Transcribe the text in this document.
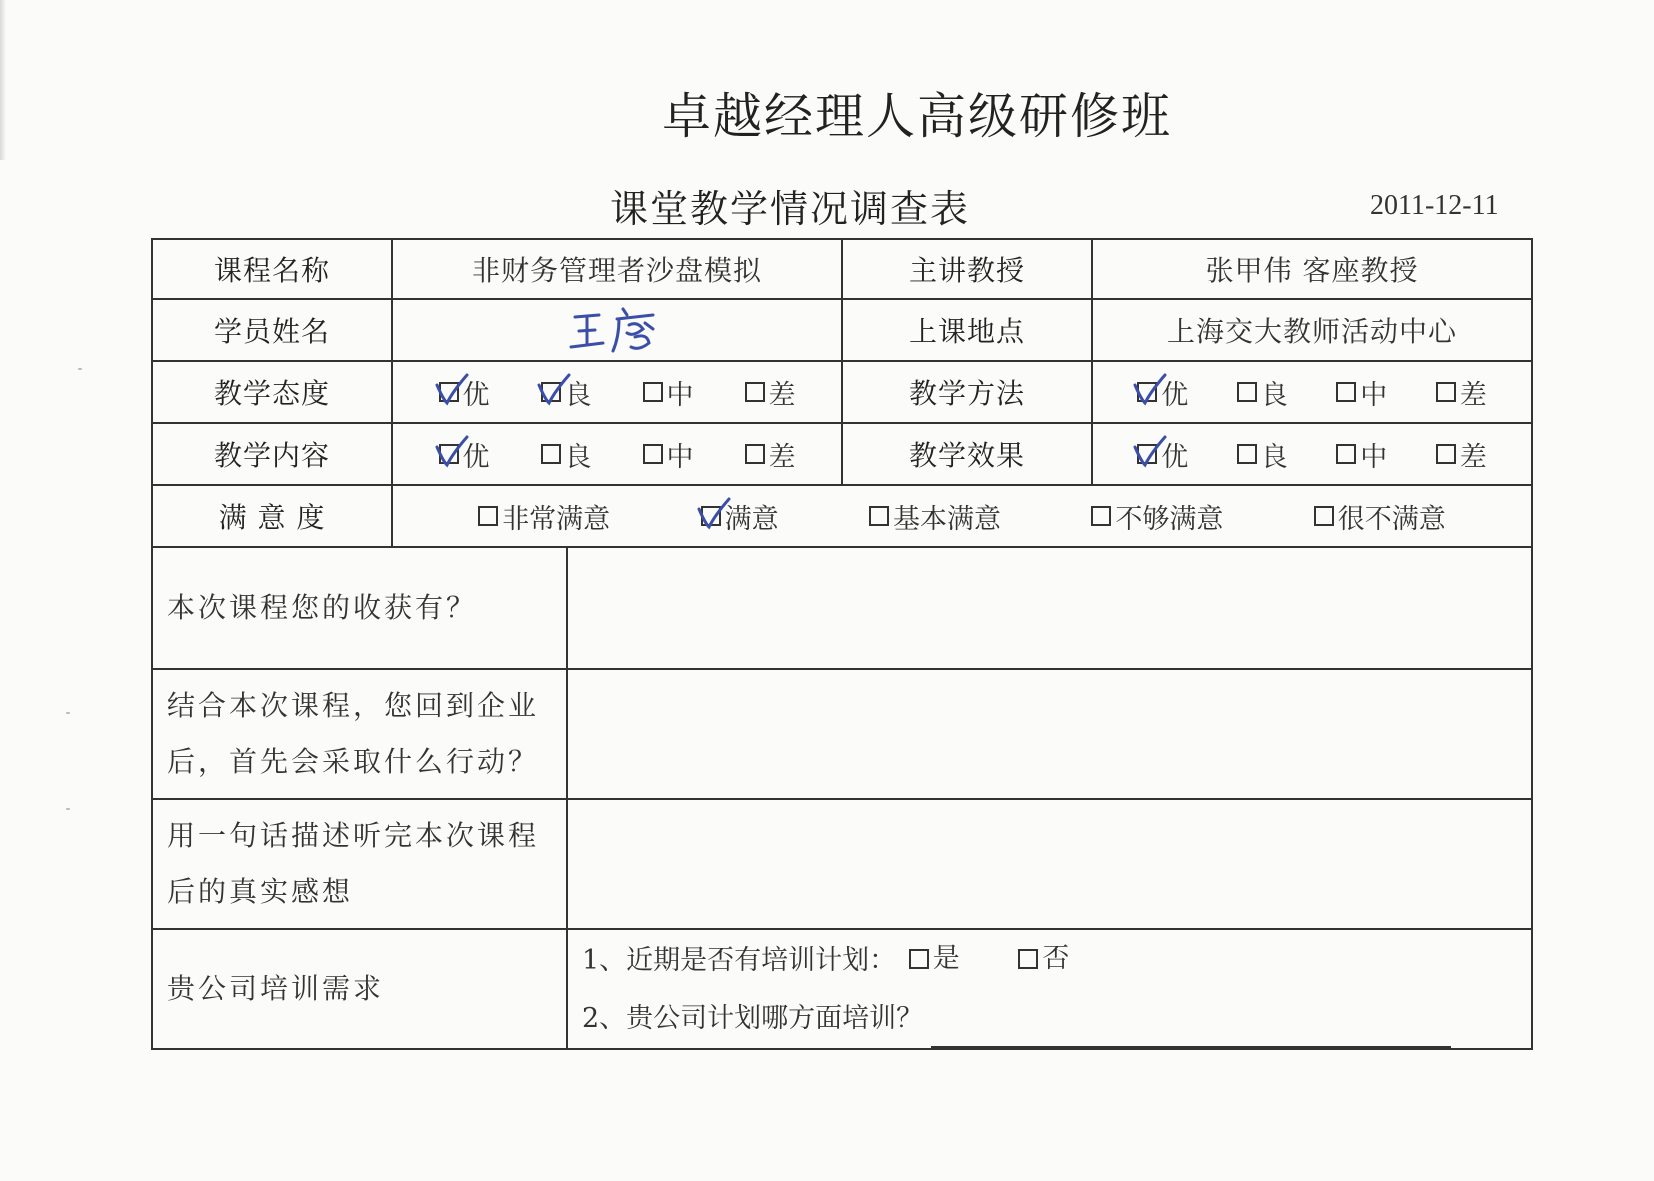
卓越经理人高级研修班
课堂教学情况调查表	2011-12-11
课程名称	非财务管理者沙盘模拟		主讲教授	张甲伟 客座教授
学员姓名			上课地点	上海交大教师活动中心
教学态度	优 良 中 差		教学方法	优 良 中 差

教学内容	优 良 中 差		教学效果	优 良 中 差

满 意 度	非常满意 满意 基本满意 不够满意 很不满意			

本次课程您的收获有？				
结合本次课程，您回到企业后，首先会采取什么行动？				
用一句话描述听完本次课程后的真实感想				
贵公司培训需求		1、近期是否有培训计划： 是
否
2、贵公司计划哪方面培训？		
